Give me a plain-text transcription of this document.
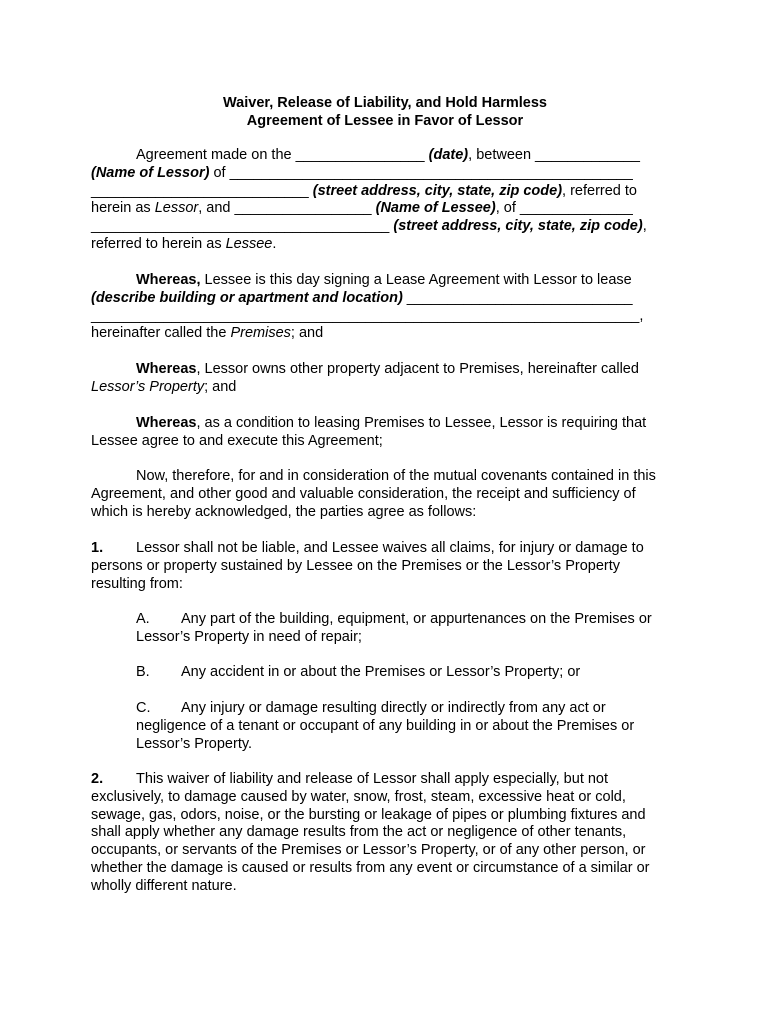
Waiver, Release of Liability, and Hold Harmless
Agreement of Lessee in Favor of Lessor
Agreement made on the ________________ (date), between _____________
(Name of Lessor) of __________________________________________________
___________________________ (street address, city, state, zip code), referred to
herein as Lessor, and _________________ (Name of Lessee), of ______________
_____________________________________ (street address, city, state, zip code),
referred to herein as Lessee.
Whereas, Lessee is this day signing a Lease Agreement with Lessor to lease
(describe building or apartment and location) ____________________________
____________________________________________________________________,
hereinafter called the Premises; and
Whereas, Lessor owns other property adjacent to Premises, hereinafter called
Lessor’s Property; and
Whereas, as a condition to leasing Premises to Lessee, Lessor is requiring that
Lessee agree to and execute this Agreement;
Now, therefore, for and in consideration of the mutual covenants contained in this
Agreement, and other good and valuable consideration, the receipt and sufficiency of
which is hereby acknowledged, the parties agree as follows:
1. Lessor shall not be liable, and Lessee waives all claims, for injury or damage to
persons or property sustained by Lessee on the Premises or the Lessor’s Property
resulting from:
A. Any part of the building, equipment, or appurtenances on the Premises or
Lessor’s Property in need of repair;
B. Any accident in or about the Premises or Lessor’s Property; or
C. Any injury or damage resulting directly or indirectly from any act or
negligence of a tenant or occupant of any building in or about the Premises or
Lessor’s Property.
2. This waiver of liability and release of Lessor shall apply especially, but not
exclusively, to damage caused by water, snow, frost, steam, excessive heat or cold,
sewage, gas, odors, noise, or the bursting or leakage of pipes or plumbing fixtures and
shall apply whether any damage results from the act or negligence of other tenants,
occupants, or servants of the Premises or Lessor’s Property, or of any other person, or
whether the damage is caused or results from any event or circumstance of a similar or
wholly different nature.
